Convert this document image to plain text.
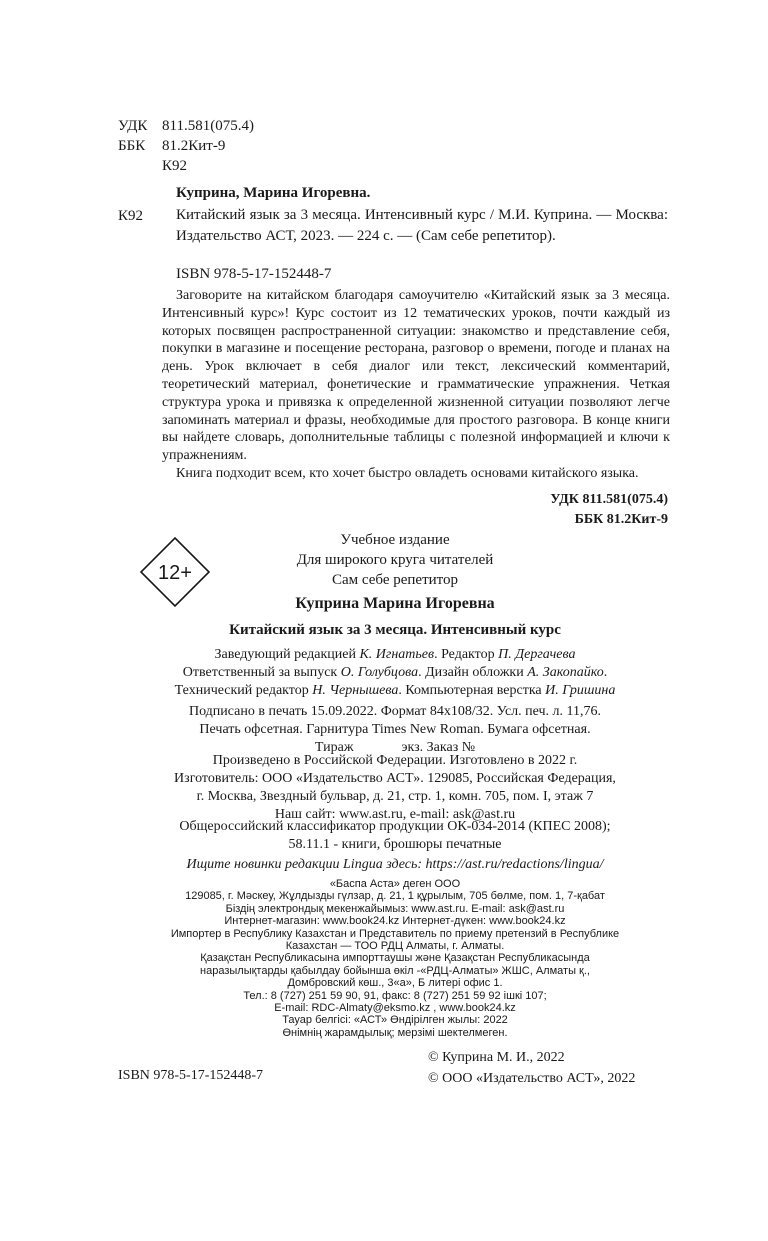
УДК 811.581(075.4)
ББК 81.2Кит-9
К92
Куприна, Марина Игоревна.
К92 Китайский язык за 3 месяца. Интенсивный курс / М.И. Куприна. — Москва: Издательство АСТ, 2023. — 224 с. — (Сам себе репетитор).
ISBN 978-5-17-152448-7

Заговорите на китайском благодаря самоучителю «Китайский язык за 3 месяца. Интенсивный курс»! Курс состоит из 12 тематических уроков, почти каждый из которых посвящен распространенной ситуации: знакомство и представление себя, покупки в магазине и посещение ресторана, разговор о времени, погоде и планах на день. Урок включает в себя диалог или текст, лексический комментарий, теоретический материал, фонетические и грамматические упражнения. Четкая структура урока и привязка к определенной жизненной ситуации позволяют легче запоминать материал и фразы, необходимые для простого разговора. В конце книги вы найдете словарь, дополнительные таблицы с полезной информацией и ключи к упражнениям.

Книга подходит всем, кто хочет быстро овладеть основами китайского языка.

УДК 811.581(075.4)
ББК 81.2Кит-9
12+
Учебное издание
Для широкого круга читателей
Сам себе репетитор
Куприна Марина Игоревна
Китайский язык за 3 месяца. Интенсивный курс
Заведующий редакцией К. Игнатьев. Редактор П. Дергачева
Ответственный за выпуск О. Голубцова. Дизайн обложки А. Закопайко.
Технический редактор Н. Чернышева. Компьютерная верстка И. Гришина
Подписано в печать 15.09.2022. Формат 84х108/32. Усл. печ. л. 11,76.
Печать офсетная. Гарнитура Times New Roman. Бумага офсетная.
Тираж	экз. Заказ №
Произведено в Российской Федерации. Изготовлено в 2022 г.
Изготовитель: ООО «Издательство АСТ». 129085, Российская Федерация,
г. Москва, Звездный бульвар, д. 21, стр. 1, комн. 705, пом. I, этаж 7
Наш сайт: www.ast.ru, e-mail: ask@ast.ru
Общероссийский классификатор продукции ОК-034-2014 (КПЕС 2008);
58.11.1 - книги, брошюры печатные
Ищите новинки редакции Lingua здесь: https://ast.ru/redactions/lingua/
«Баспа Аста» деген ООО
129085, г. Мәскеу, Жұлдызды гүлзар, д. 21, 1 құрылым, 705 бөлме, пом. 1, 7-қабат
Біздің электрондық мекенжайымыз: www.ast.ru. E-mail: ask@ast.ru
Интернет-магазин: www.book24.kz Интернет-дүкен: www.book24.kz
Импортер в Республику Казахстан и Представитель по приему претензий в Республике
Казахстан — ТОО РДЦ Алматы, г. Алматы.
Қазақстан Республикасына импорттаушы және Қазақстан Республикасында
наразылықтарды қабылдау бойынша өкіл -«РДЦ-Алматы» ЖШС, Алматы қ.,
Домбровский көш., 3«а», Б литері офис 1.
Тел.: 8 (727) 251 59 90, 91, факс: 8 (727) 251 59 92 ішкі 107;
E-mail: RDC-Almaty@eksmo.kz , www.book24.kz
Тауар белгісі: «АСТ» Өндірілген жылы: 2022
Өнімнің жарамдылық; мерзімі шектелмеген.
© Куприна М. И., 2022
© ООО «Издательство АСТ», 2022
ISBN 978-5-17-152448-7
